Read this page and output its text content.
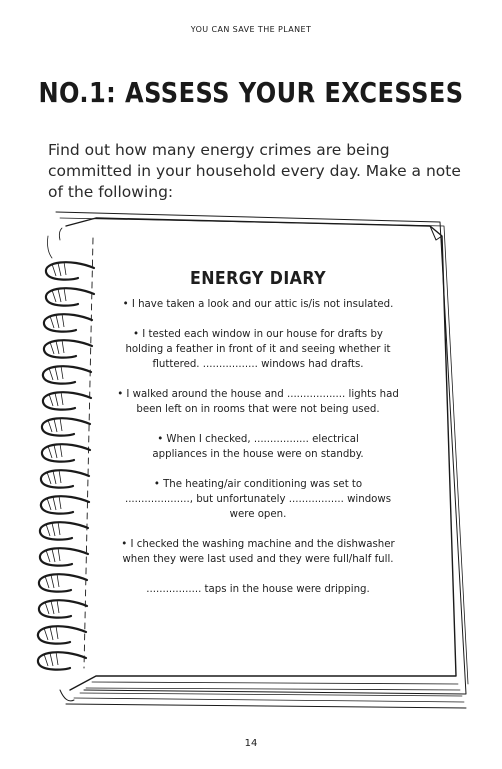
YOU CAN SAVE THE PLANET
NO.1: ASSESS YOUR EXCESSES
Find out how many energy crimes are being committed in your household every day. Make a note of the following:
ENERGY DIARY
• I have taken a look and our attic is/is not insulated.
• I tested each window in our house for drafts by holding a feather in front of it and seeing whether it fluttered. ................. windows had drafts.
• I walked around the house and .................. lights had been left on in rooms that were not being used.
• When I checked, ................. electrical appliances in the house were on standby.
• The heating/air conditioning was set to ...................., but unfortunately ................. windows were open.
• I checked the washing machine and the dishwasher when they were last used and they were full/half full.
................. taps in the house were dripping.
14
